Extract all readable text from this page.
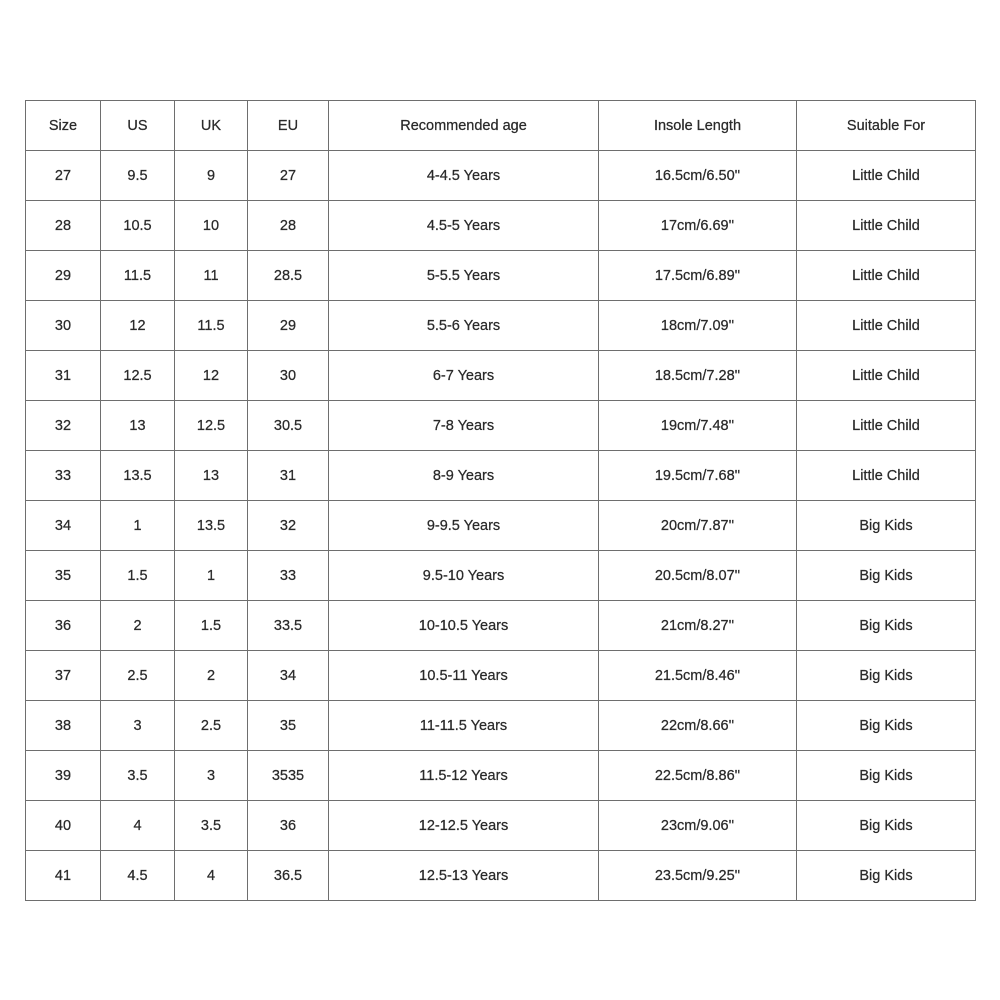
Size	US	UK	EU	Recommended age	Insole Length	Suitable For
27	9.5	9	27	4-4.5 Years	16.5cm/6.50''	Little Child
28	10.5	10	28	4.5-5 Years	17cm/6.69''	Little Child
29	11.5	11	28.5	5-5.5 Years	17.5cm/6.89''	Little Child
30	12	11.5	29	5.5-6 Years	18cm/7.09''	Little Child
31	12.5	12	30	6-7 Years	18.5cm/7.28''	Little Child
32	13	12.5	30.5	7-8 Years	19cm/7.48''	Little Child
33	13.5	13	31	8-9 Years	19.5cm/7.68''	Little Child
34	1	13.5	32	9-9.5 Years	20cm/7.87''	Big Kids
35	1.5	1	33	9.5-10 Years	20.5cm/8.07''	Big Kids
36	2	1.5	33.5	10-10.5 Years	21cm/8.27''	Big Kids
37	2.5	2	34	10.5-11 Years	21.5cm/8.46''	Big Kids
38	3	2.5	35	11-11.5 Years	22cm/8.66''	Big Kids
39	3.5	3	3535	11.5-12 Years	22.5cm/8.86''	Big Kids
40	4	3.5	36	12-12.5 Years	23cm/9.06''	Big Kids
41	4.5	4	36.5	12.5-13 Years	23.5cm/9.25''	Big Kids
